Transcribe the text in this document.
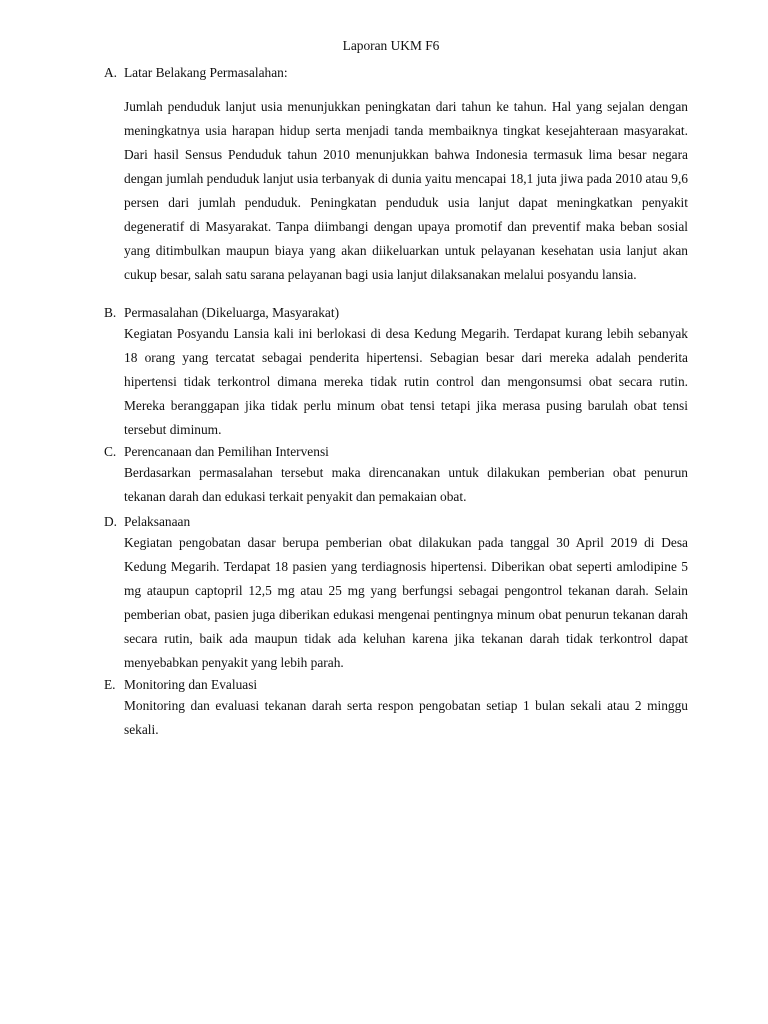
Laporan UKM F6
A. Latar Belakang Permasalahan:
Jumlah penduduk lanjut usia menunjukkan peningkatan dari tahun ke tahun. Hal yang sejalan dengan meningkatnya usia harapan hidup serta menjadi tanda membaiknya tingkat kesejahteraan masyarakat. Dari hasil Sensus Penduduk tahun 2010 menunjukkan bahwa Indonesia termasuk lima besar negara dengan jumlah penduduk lanjut usia terbanyak di dunia yaitu mencapai 18,1 juta jiwa pada 2010 atau 9,6 persen dari jumlah penduduk. Peningkatan penduduk usia lanjut dapat meningkatkan penyakit degeneratif di Masyarakat. Tanpa diimbangi dengan upaya promotif dan preventif maka beban sosial yang ditimbulkan maupun biaya yang akan diikeluarkan untuk pelayanan kesehatan usia lanjut akan cukup besar, salah satu sarana pelayanan bagi usia lanjut dilaksanakan melalui posyandu lansia.
B. Permasalahan (Dikeluarga, Masyarakat)
Kegiatan Posyandu Lansia kali ini berlokasi di desa Kedung Megarih. Terdapat kurang lebih sebanyak 18 orang yang tercatat sebagai penderita hipertensi. Sebagian besar dari mereka adalah penderita hipertensi tidak terkontrol dimana mereka tidak rutin control dan mengonsumsi obat secara rutin. Mereka beranggapan jika tidak perlu minum obat tensi tetapi jika merasa pusing barulah obat tensi tersebut diminum.
C. Perencanaan dan Pemilihan Intervensi
Berdasarkan permasalahan tersebut maka direncanakan untuk dilakukan pemberian obat penurun tekanan darah dan edukasi terkait penyakit dan pemakaian obat.
D. Pelaksanaan
Kegiatan pengobatan dasar berupa pemberian obat dilakukan pada tanggal 30 April 2019 di Desa Kedung Megarih. Terdapat 18 pasien yang terdiagnosis hipertensi. Diberikan obat seperti amlodipine 5 mg ataupun captopril 12,5 mg atau 25 mg yang berfungsi sebagai pengontrol tekanan darah. Selain pemberian obat, pasien juga diberikan edukasi mengenai pentingnya minum obat penurun tekanan darah secara rutin, baik ada maupun tidak ada keluhan karena jika tekanan darah tidak terkontrol dapat menyebabkan penyakit yang lebih parah.
E. Monitoring dan Evaluasi
Monitoring dan evaluasi tekanan darah serta respon pengobatan setiap 1 bulan sekali atau 2 minggu sekali.
